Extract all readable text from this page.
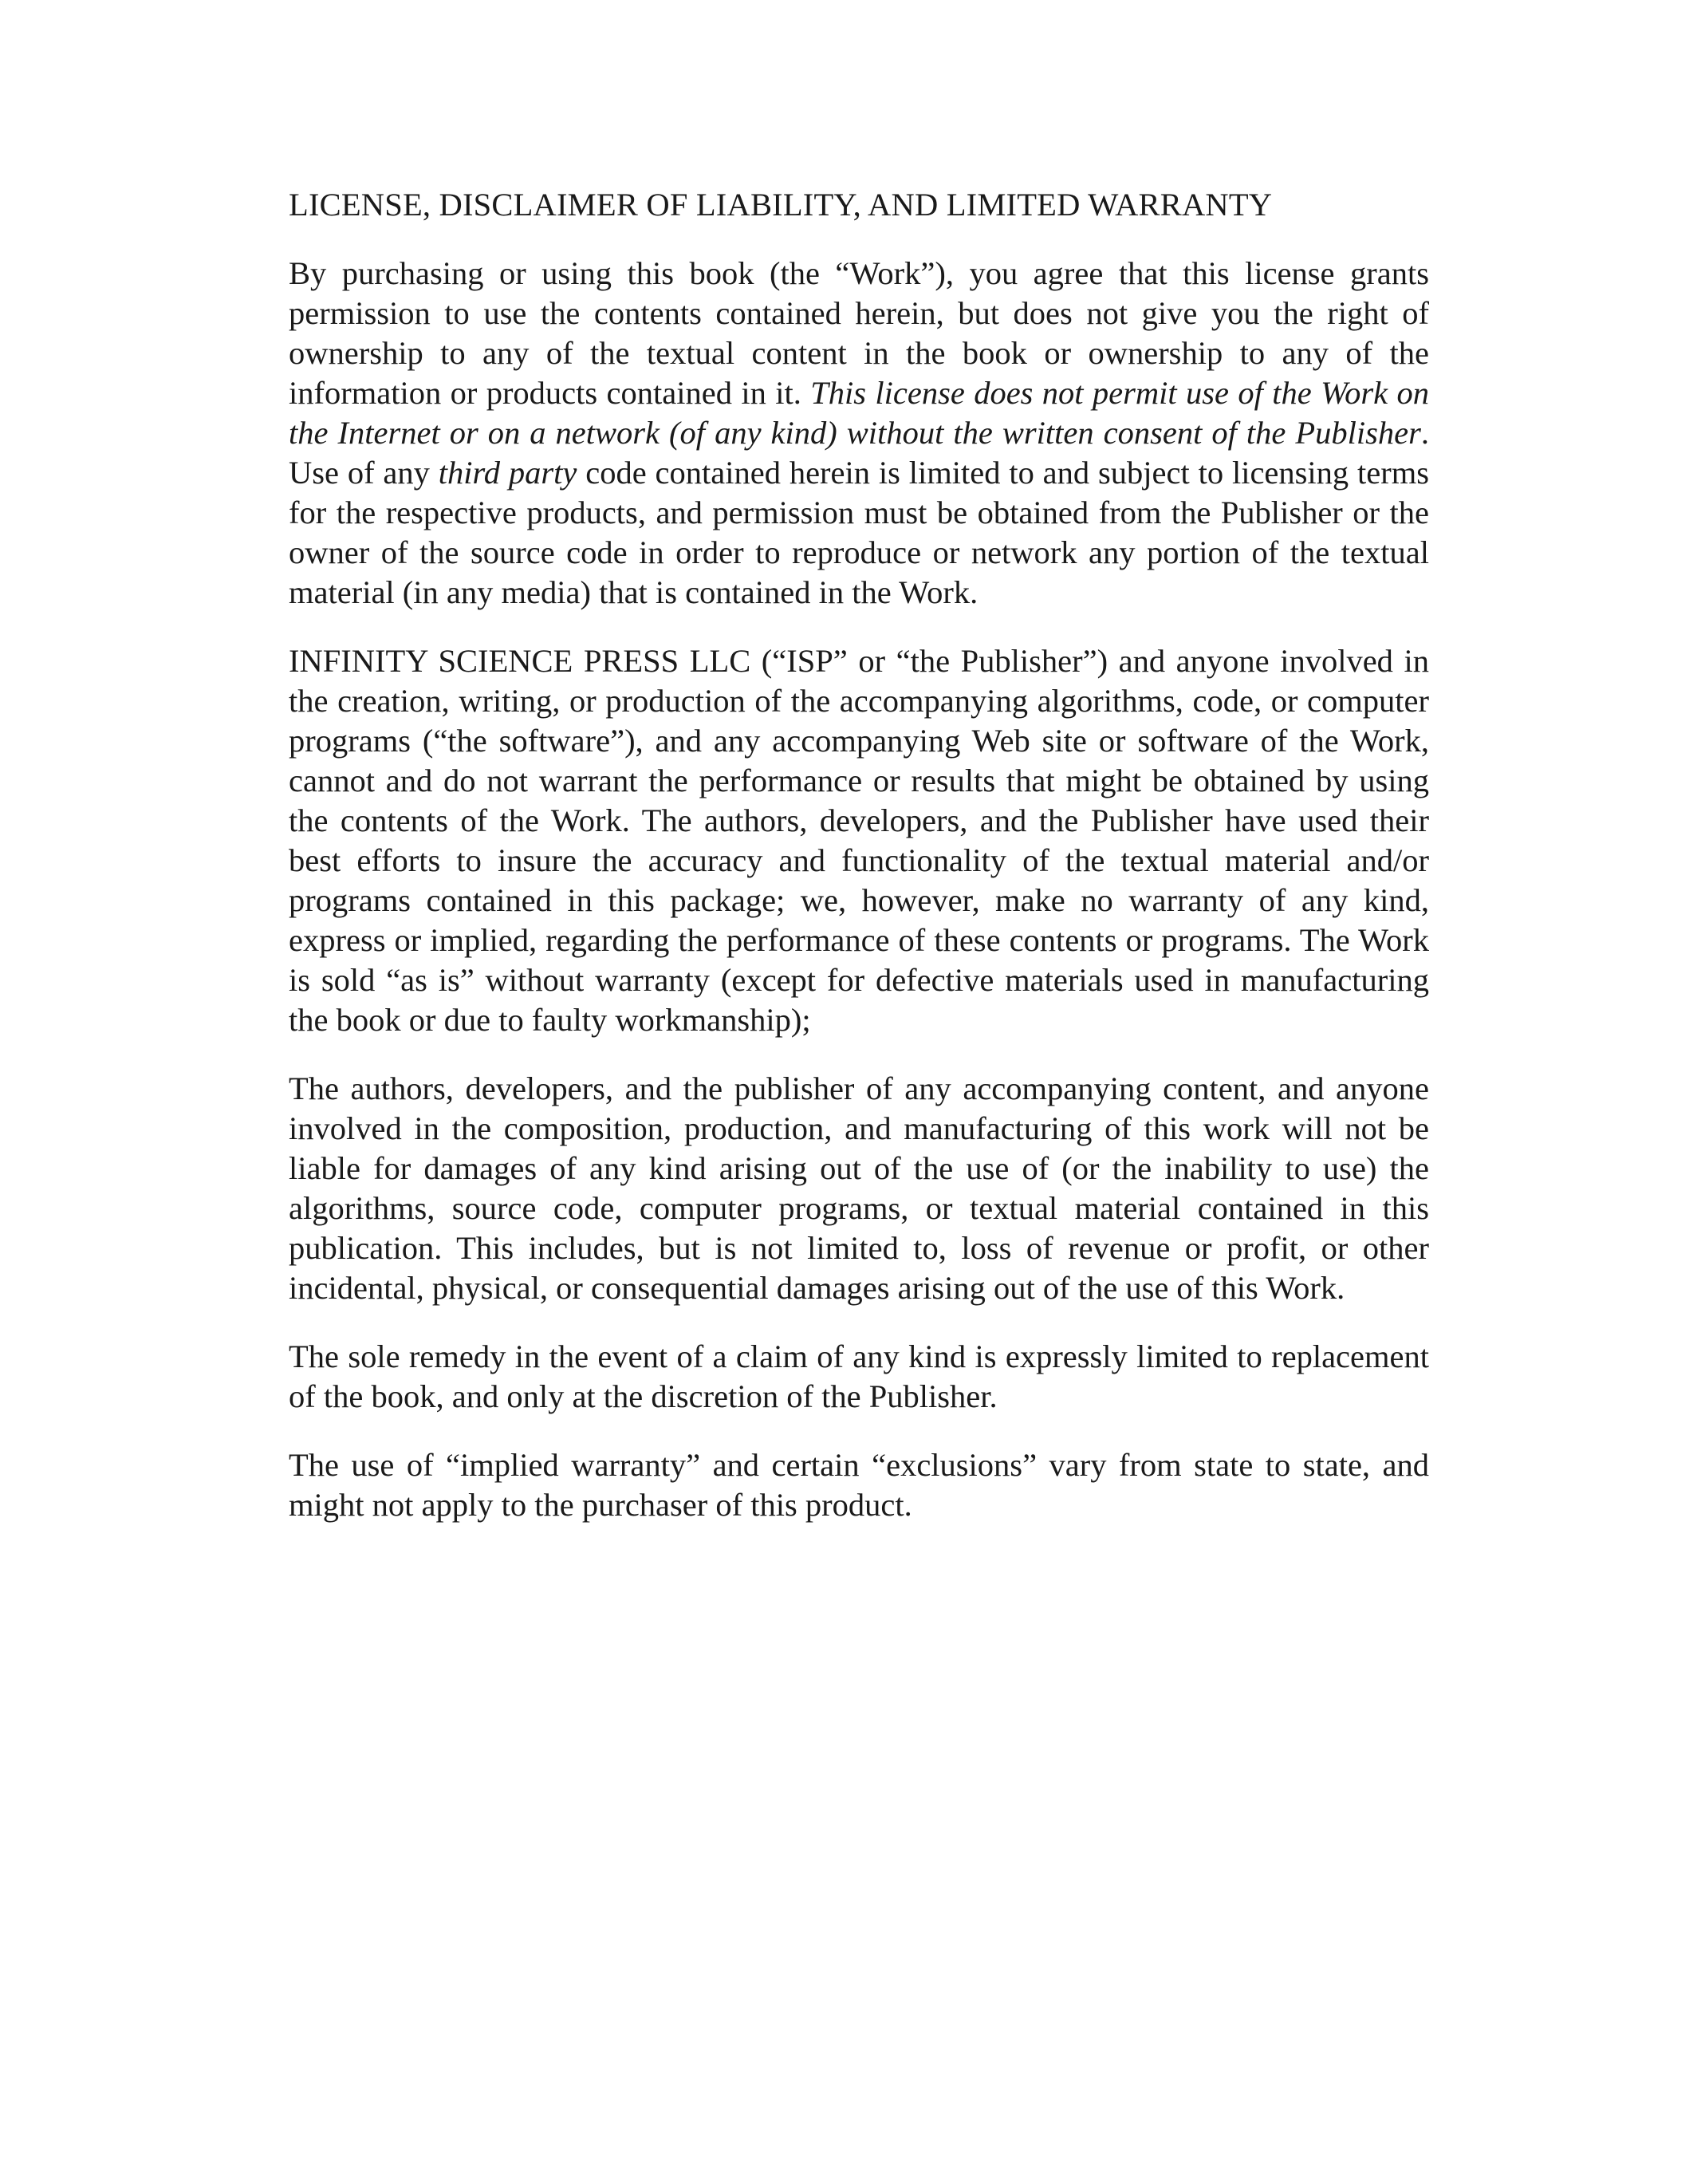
LICENSE, DISCLAIMER OF LIABILITY, AND LIMITED WARRANTY

By purchasing or using this book (the “Work”), you agree that this license grants permission to use the contents contained herein, but does not give you the right of ownership to any of the textual content in the book or ownership to any of the information or products contained in it. This license does not permit use of the Work on the Internet or on a network (of any kind) without the written consent of the Publisher. Use of any third party code contained herein is limited to and subject to licensing terms for the respective products, and permission must be obtained from the Publisher or the owner of the source code in order to reproduce or network any portion of the textual material (in any media) that is contained in the Work.

INFINITY SCIENCE PRESS LLC (“ISP” or “the Publisher”) and anyone involved in the creation, writing, or production of the accompanying algorithms, code, or computer programs (“the software”), and any accompanying Web site or software of the Work, cannot and do not warrant the performance or results that might be obtained by using the contents of the Work. The authors, developers, and the Publisher have used their best efforts to insure the accuracy and functionality of the textual material and/or programs contained in this package; we, however, make no warranty of any kind, express or implied, regarding the performance of these contents or programs. The Work is sold “as is” without warranty (except for defective materials used in manufacturing the book or due to faulty workmanship);

The authors, developers, and the publisher of any accompanying content, and anyone involved in the composition, production, and manufacturing of this work will not be liable for damages of any kind arising out of the use of (or the inability to use) the algorithms, source code, computer programs, or textual material contained in this publication. This includes, but is not limited to, loss of revenue or profit, or other incidental, physical, or consequential damages arising out of the use of this Work.

The sole remedy in the event of a claim of any kind is expressly limited to replacement of the book, and only at the discretion of the Publisher.

The use of “implied warranty” and certain “exclusions” vary from state to state, and might not apply to the purchaser of this product.
